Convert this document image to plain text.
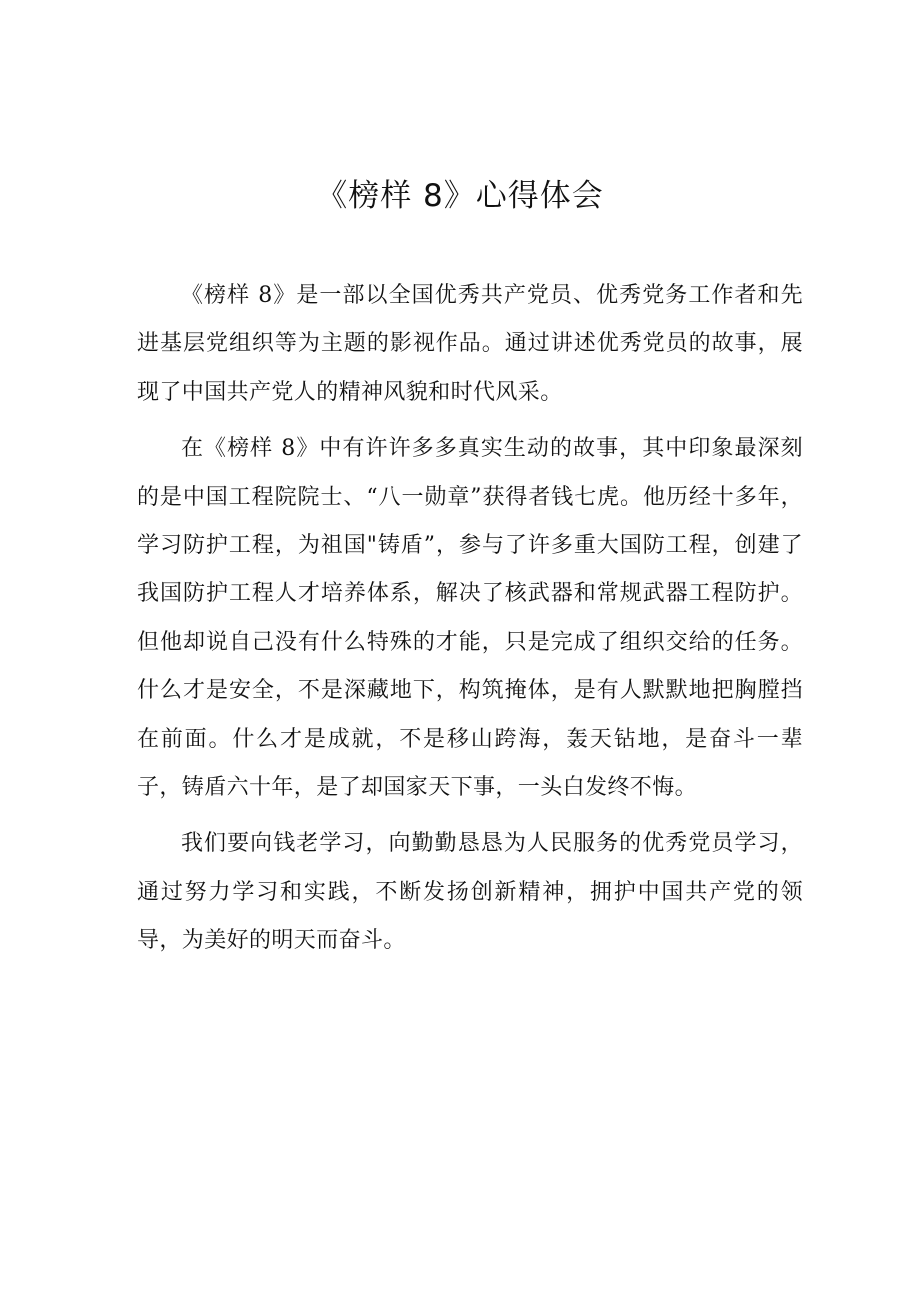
《榜样 8》心得体会

《榜样 8》是一部以全国优秀共产党员、优秀党务工作者和先进基层党组织等为主题的影视作品。通过讲述优秀党员的故事，展现了中国共产党人的精神风貌和时代风采。

在《榜样 8》中有许许多多真实生动的故事，其中印象最深刻的是中国工程院院士、“八一勋章”获得者钱七虎。他历经十多年，学习防护工程，为祖国"铸盾”，参与了许多重大国防工程，创建了我国防护工程人才培养体系，解决了核武器和常规武器工程防护。但他却说自己没有什么特殊的才能，只是完成了组织交给的任务。什么才是安全，不是深藏地下，构筑掩体，是有人默默地把胸膛挡在前面。什么才是成就，不是移山跨海，轰天钻地，是奋斗一辈子，铸盾六十年，是了却国家天下事，一头白发终不悔。

我们要向钱老学习，向勤勤恳恳为人民服务的优秀党员学习，通过努力学习和实践，不断发扬创新精神，拥护中国共产党的领导，为美好的明天而奋斗。
